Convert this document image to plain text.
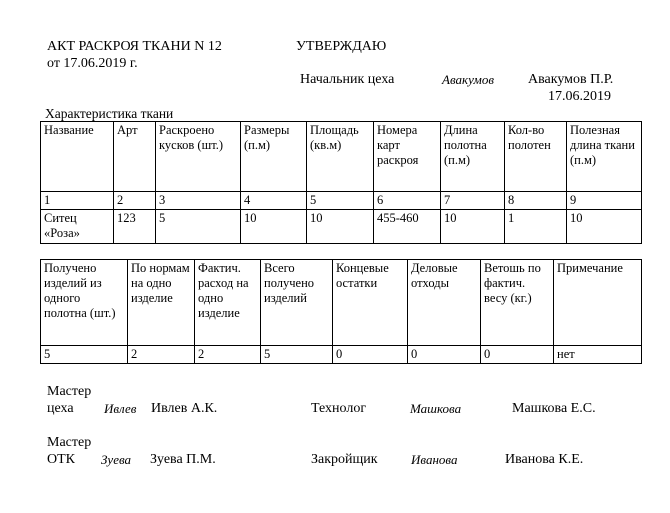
АКТ РАСКРОЯ ТКАНИ N 12
от 17.06.2019 г.
УТВЕРЖДАЮ
Начальник цеха	Авакумов Авакумов П.Р.
17.06.2019
Характеристика ткани
Название	Арт	Раскроено кусков (шт.)	Размеры (п.м)	Площадь (кв.м)	Номера карт раскроя	Длина полотна (п.м)	Кол-во полотен	Полезная длина ткани (п.м)
1	2	3	4	5	6	7	8	9
Ситец «Роза»	123	5	10	10	455-460	10	1	10
Получено изделий из одного полотна (шт.)	По нормам на одно изделие	Фактич. расход на одно изделие	Всего получено изделий	Концевые остатки	Деловые отходы	Ветошь по фактич. весу (кг.)	Примечание
5	2	2	5	0	0	0	нет
Мастер
цеха Ивлев Ивлев А.К.	Технолог	Машкова	Машкова Е.С.
Мастер
ОТК Зуева Зуева П.М.	Закройщик	Иванова	Иванова К.Е.
